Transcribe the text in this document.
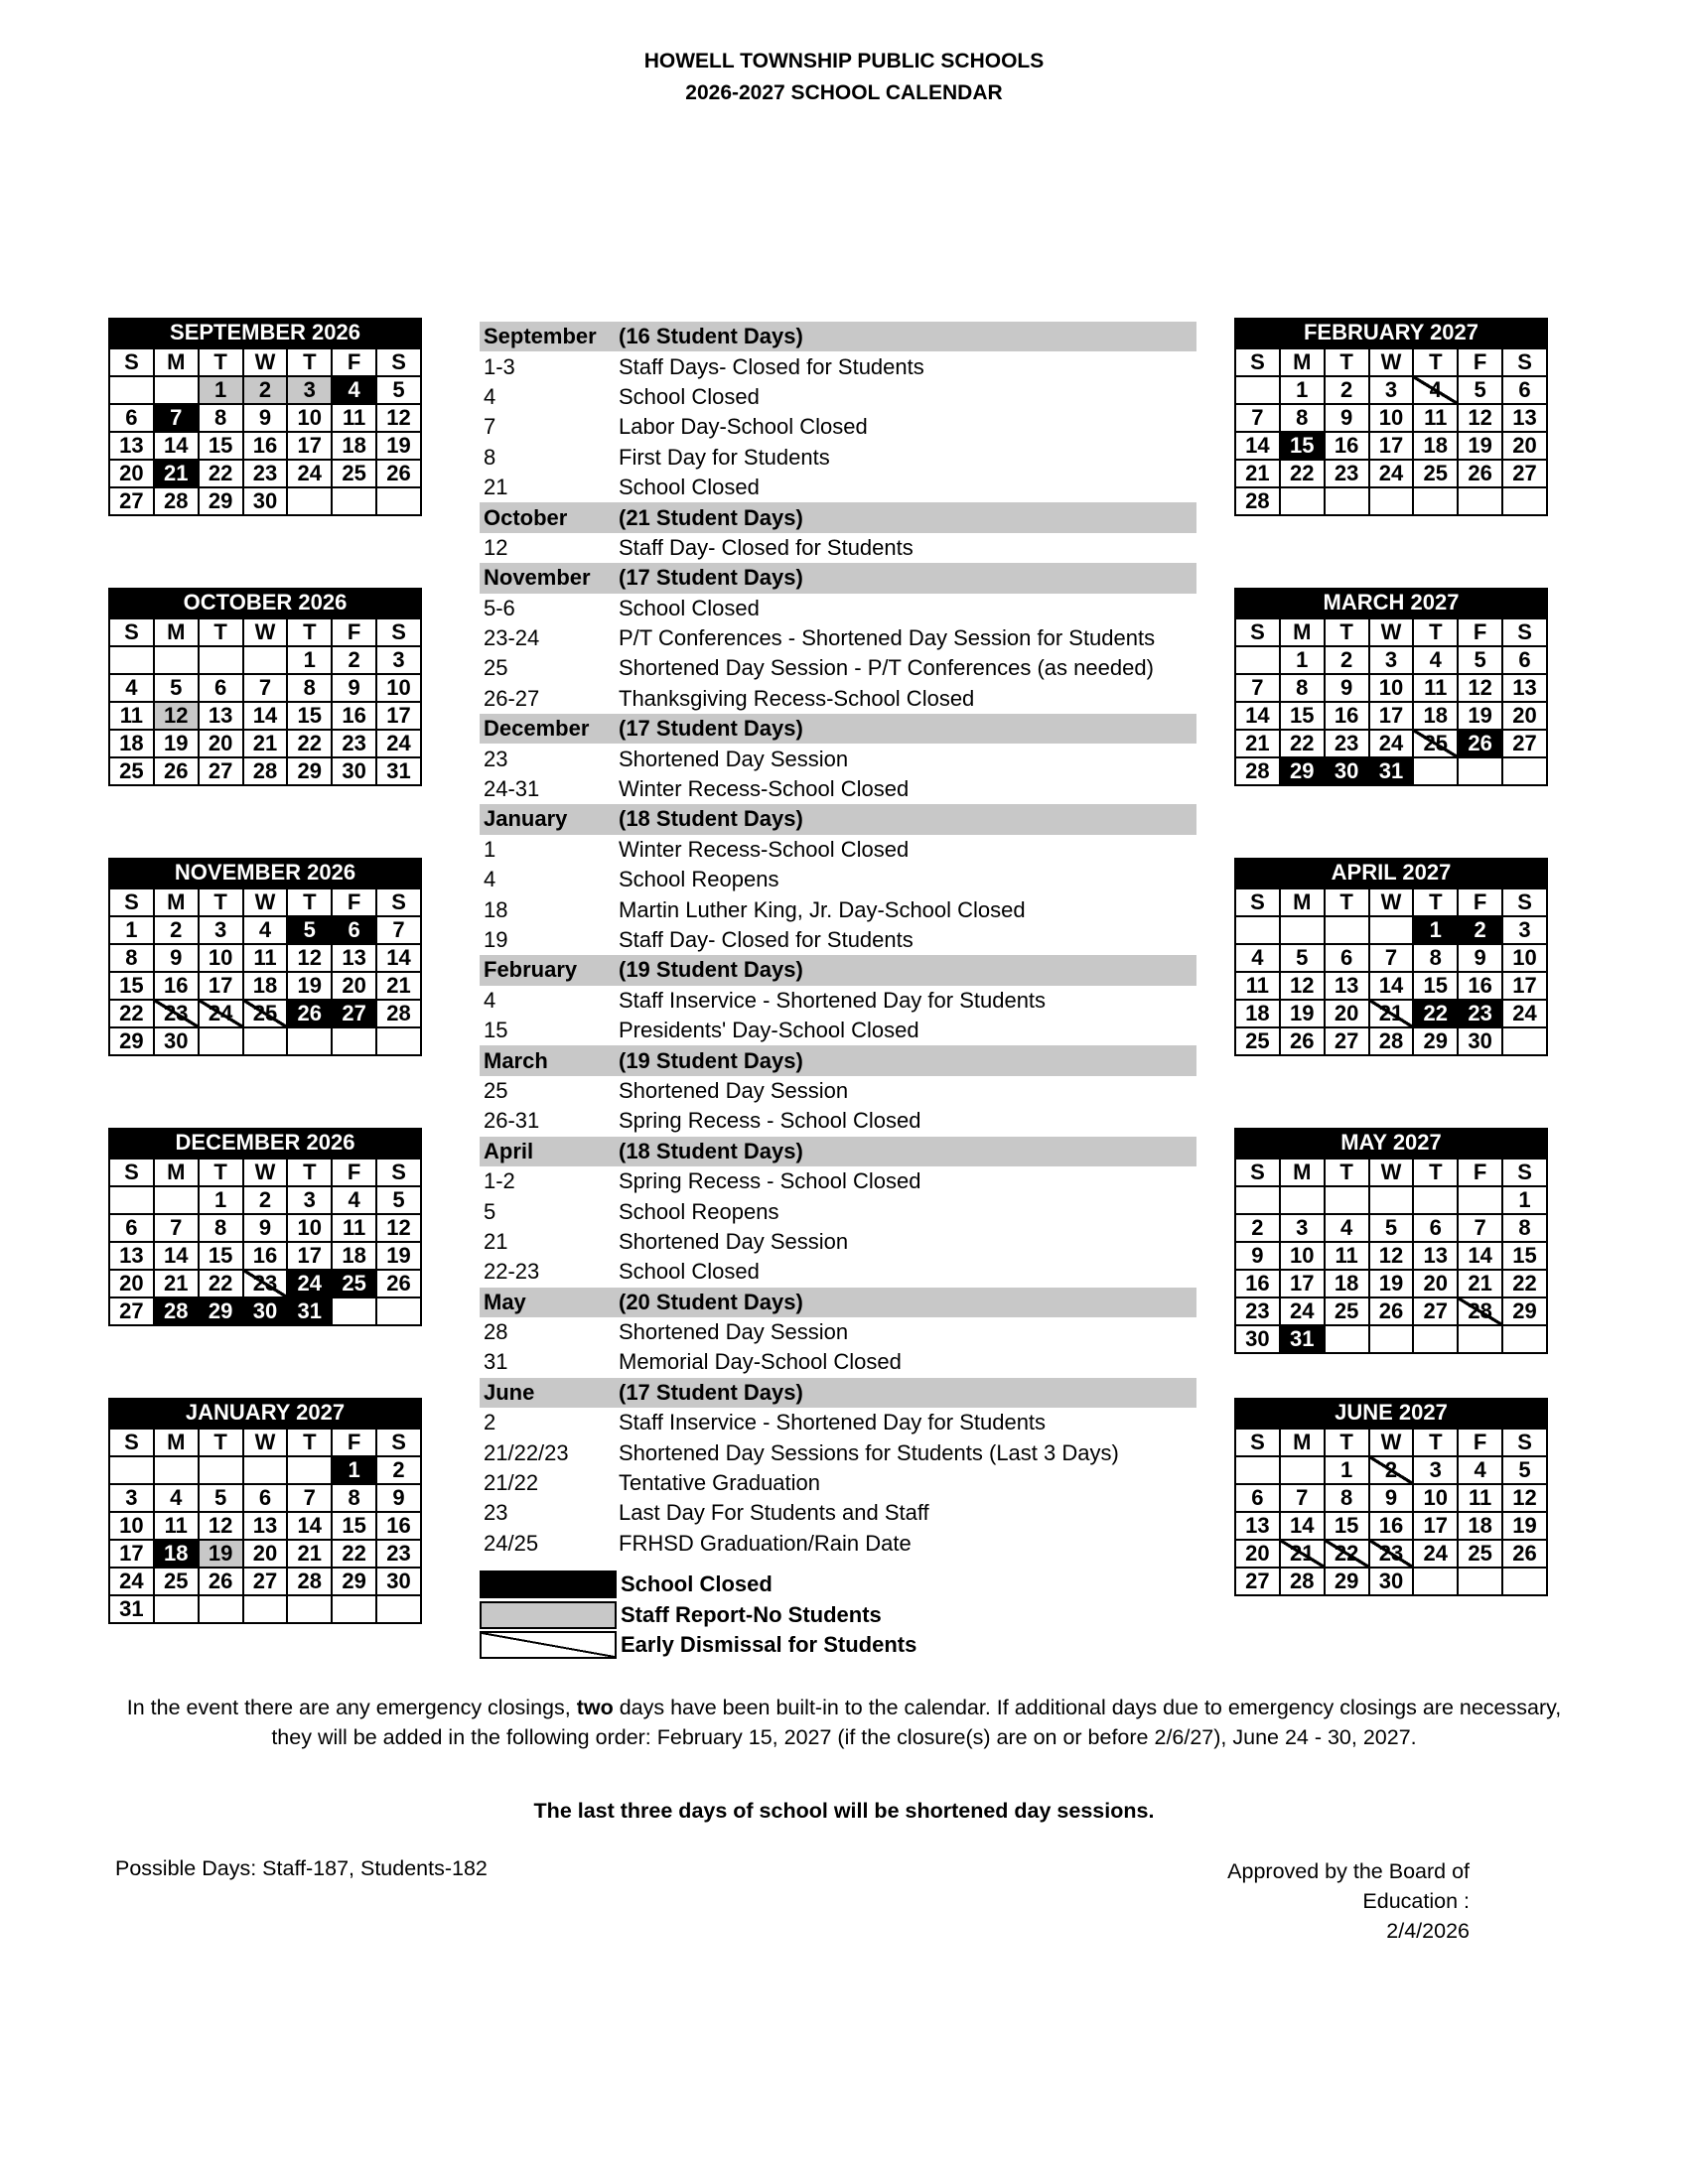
HOWELL TOWNSHIP PUBLIC SCHOOLS
2026-2027 SCHOOL CALENDAR
SEPTEMBER 2026
S	M	T	W	T	F	S
		1	2	3	4	5
6	7	8	9	10	11	12
13	14	15	16	17	18	19
20	21	22	23	24	25	26
27	28	29	30			
OCTOBER 2026
S	M	T	W	T	F	S
				1	2	3
4	5	6	7	8	9	10
11	12	13	14	15	16	17
18	19	20	21	22	23	24
25	26	27	28	29	30	31
NOVEMBER 2026
S	M	T	W	T	F	S
1	2	3	4	5	6	7
8	9	10	11	12	13	14
15	16	17	18	19	20	21
22	23	24	25	26	27	28
29	30					
DECEMBER 2026
S	M	T	W	T	F	S
		1	2	3	4	5
6	7	8	9	10	11	12
13	14	15	16	17	18	19
20	21	22	23	24	25	26
27	28	29	30	31		
JANUARY 2027
S	M	T	W	T	F	S
					1	2
3	4	5	6	7	8	9
10	11	12	13	14	15	16
17	18	19	20	21	22	23
24	25	26	27	28	29	30
31						
FEBRUARY 2027
S	M	T	W	T	F	S
	1	2	3	4	5	6
7	8	9	10	11	12	13
14	15	16	17	18	19	20
21	22	23	24	25	26	27
28						
MARCH 2027
S	M	T	W	T	F	S
	1	2	3	4	5	6
7	8	9	10	11	12	13
14	15	16	17	18	19	20
21	22	23	24	25	26	27
28	29	30	31			
APRIL 2027
S	M	T	W	T	F	S
				1	2	3
4	5	6	7	8	9	10
11	12	13	14	15	16	17
18	19	20	21	22	23	24
25	26	27	28	29	30	
MAY 2027
S	M	T	W	T	F	S
						1
2	3	4	5	6	7	8
9	10	11	12	13	14	15
16	17	18	19	20	21	22
23	24	25	26	27	28	29
30	31					
JUNE 2027
S	M	T	W	T	F	S
		1	2	3	4	5
6	7	8	9	10	11	12
13	14	15	16	17	18	19
20	21	22	23	24	25	26
27	28	29	30			
September	(16 Student Days)
1-3	Staff Days- Closed for Students
4	School Closed
7	Labor Day-School Closed
8	First Day for Students
21	School Closed
October	(21 Student Days)
12	Staff Day- Closed for Students
November	(17 Student Days)
5-6	School Closed
23-24	P/T Conferences - Shortened Day Session for Students
25	Shortened Day Session - P/T Conferences (as needed)
26-27	Thanksgiving Recess-School Closed
December	(17 Student Days)
23	Shortened Day Session
24-31	Winter Recess-School Closed
January	(18 Student Days)
1	Winter Recess-School Closed
4	School Reopens
18	Martin Luther King, Jr. Day-School Closed
19	Staff Day- Closed for Students
February	(19 Student Days)
4	Staff Inservice - Shortened Day for Students
15	Presidents' Day-School Closed
March	(19 Student Days)
25	Shortened Day Session
26-31	Spring Recess - School Closed
April	(18 Student Days)
1-2	Spring Recess - School Closed
5	School Reopens
21	Shortened Day Session
22-23	School Closed
May	(20 Student Days)
28	Shortened Day Session
31	Memorial Day-School Closed
June	(17 Student Days)
2	Staff Inservice - Shortened Day for Students
21/22/23	Shortened Day Sessions for Students (Last 3 Days)
21/22	Tentative Graduation
23	Last Day For Students and Staff
24/25	FRHSD Graduation/Rain Date
School Closed
Staff Report-No Students
Early Dismissal for Students
In the event there are any emergency closings, two days have been built-in to the calendar. If additional days due to emergency closings are necessary, they will be added in the following order: February 15, 2027 (if the closure(s) are on or before 2/6/27), June 24 - 30, 2027.
The last three days of school will be shortened day sessions.
Possible Days: Staff-187, Students-182	Approved by the Board of Education :
2/4/2026
